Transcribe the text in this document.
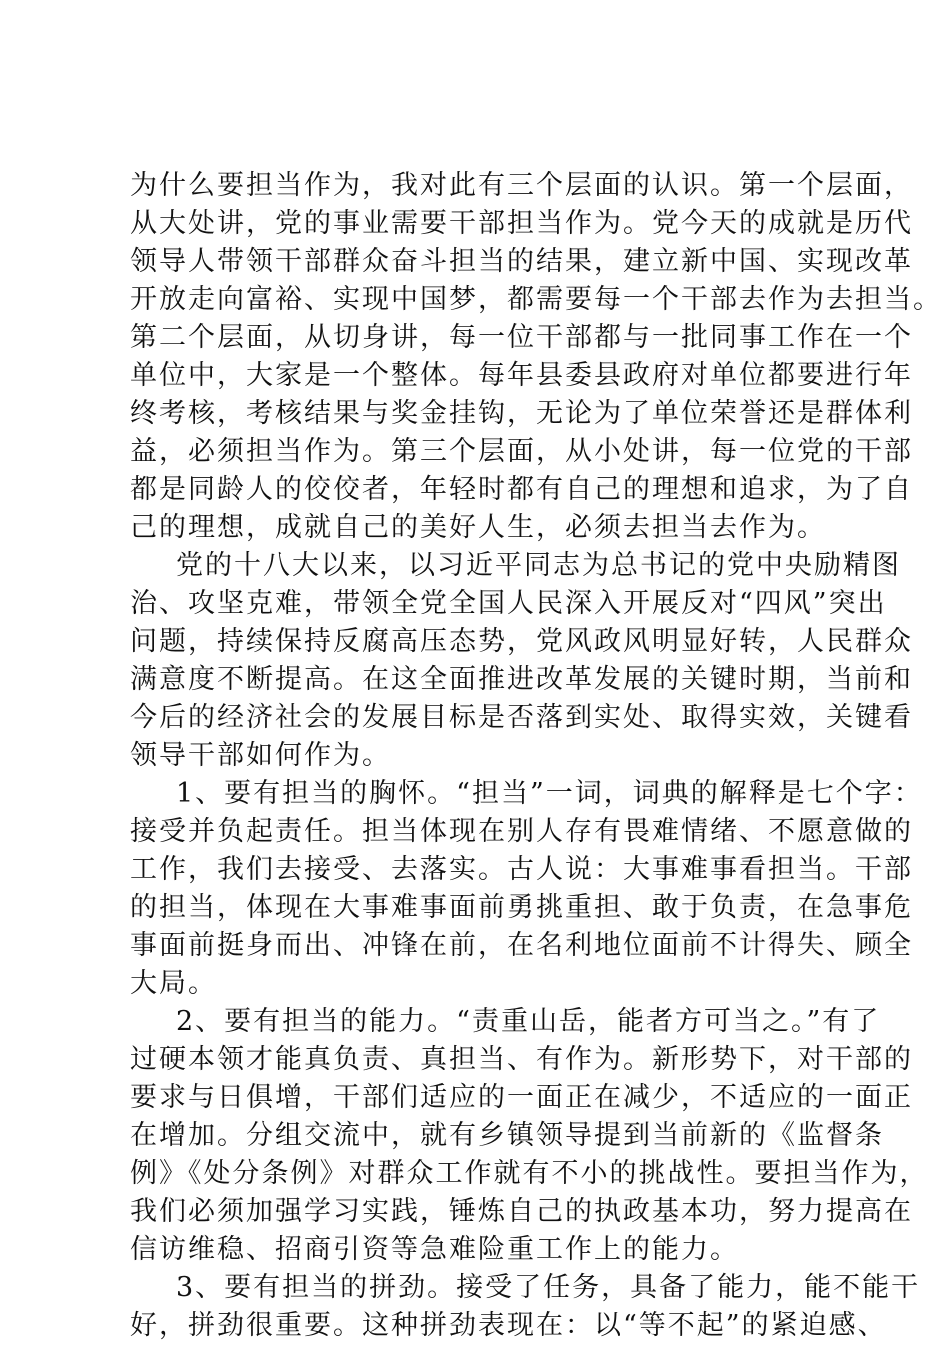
为什么要担当作为，我对此有三个层面的认识。第一个层面，
从大处讲，党的事业需要干部担当作为。党今天的成就是历代
领导人带领干部群众奋斗担当的结果，建立新中国、实现改革
开放走向富裕、实现中国梦，都需要每一个干部去作为去担当。
第二个层面，从切身讲，每一位干部都与一批同事工作在一个
单位中，大家是一个整体。每年县委县政府对单位都要进行年
终考核，考核结果与奖金挂钩，无论为了单位荣誉还是群体利
益，必须担当作为。第三个层面，从小处讲，每一位党的干部
都是同龄人的佼佼者，年轻时都有自己的理想和追求，为了自
己的理想，成就自己的美好人生，必须去担当去作为。
党的十八大以来，以习近平同志为总书记的党中央励精图
治、攻坚克难，带领全党全国人民深入开展反对“四风”突出
问题，持续保持反腐高压态势，党风政风明显好转，人民群众
满意度不断提高。在这全面推进改革发展的关键时期，当前和
今后的经济社会的发展目标是否落到实处、取得实效，关键看
领导干部如何作为。
1、要有担当的胸怀。“担当”一词，词典的解释是七个字：
接受并负起责任。担当体现在别人存有畏难情绪、不愿意做的
工作，我们去接受、去落实。古人说：大事难事看担当。干部
的担当，体现在大事难事面前勇挑重担、敢于负责，在急事危
事面前挺身而出、冲锋在前，在名利地位面前不计得失、顾全
大局。
2、要有担当的能力。“责重山岳，能者方可当之。”有了
过硬本领才能真负责、真担当、有作为。新形势下，对干部的
要求与日俱增，干部们适应的一面正在减少，不适应的一面正
在增加。分组交流中，就有乡镇领导提到当前新的《监督条
例》《处分条例》对群众工作就有不小的挑战性。要担当作为，
我们必须加强学习实践，锤炼自己的执政基本功，努力提高在
信访维稳、招商引资等急难险重工作上的能力。
3、要有担当的拼劲。接受了任务，具备了能力，能不能干
好，拼劲很重要。这种拼劲表现在：以“等不起”的紧迫感、
